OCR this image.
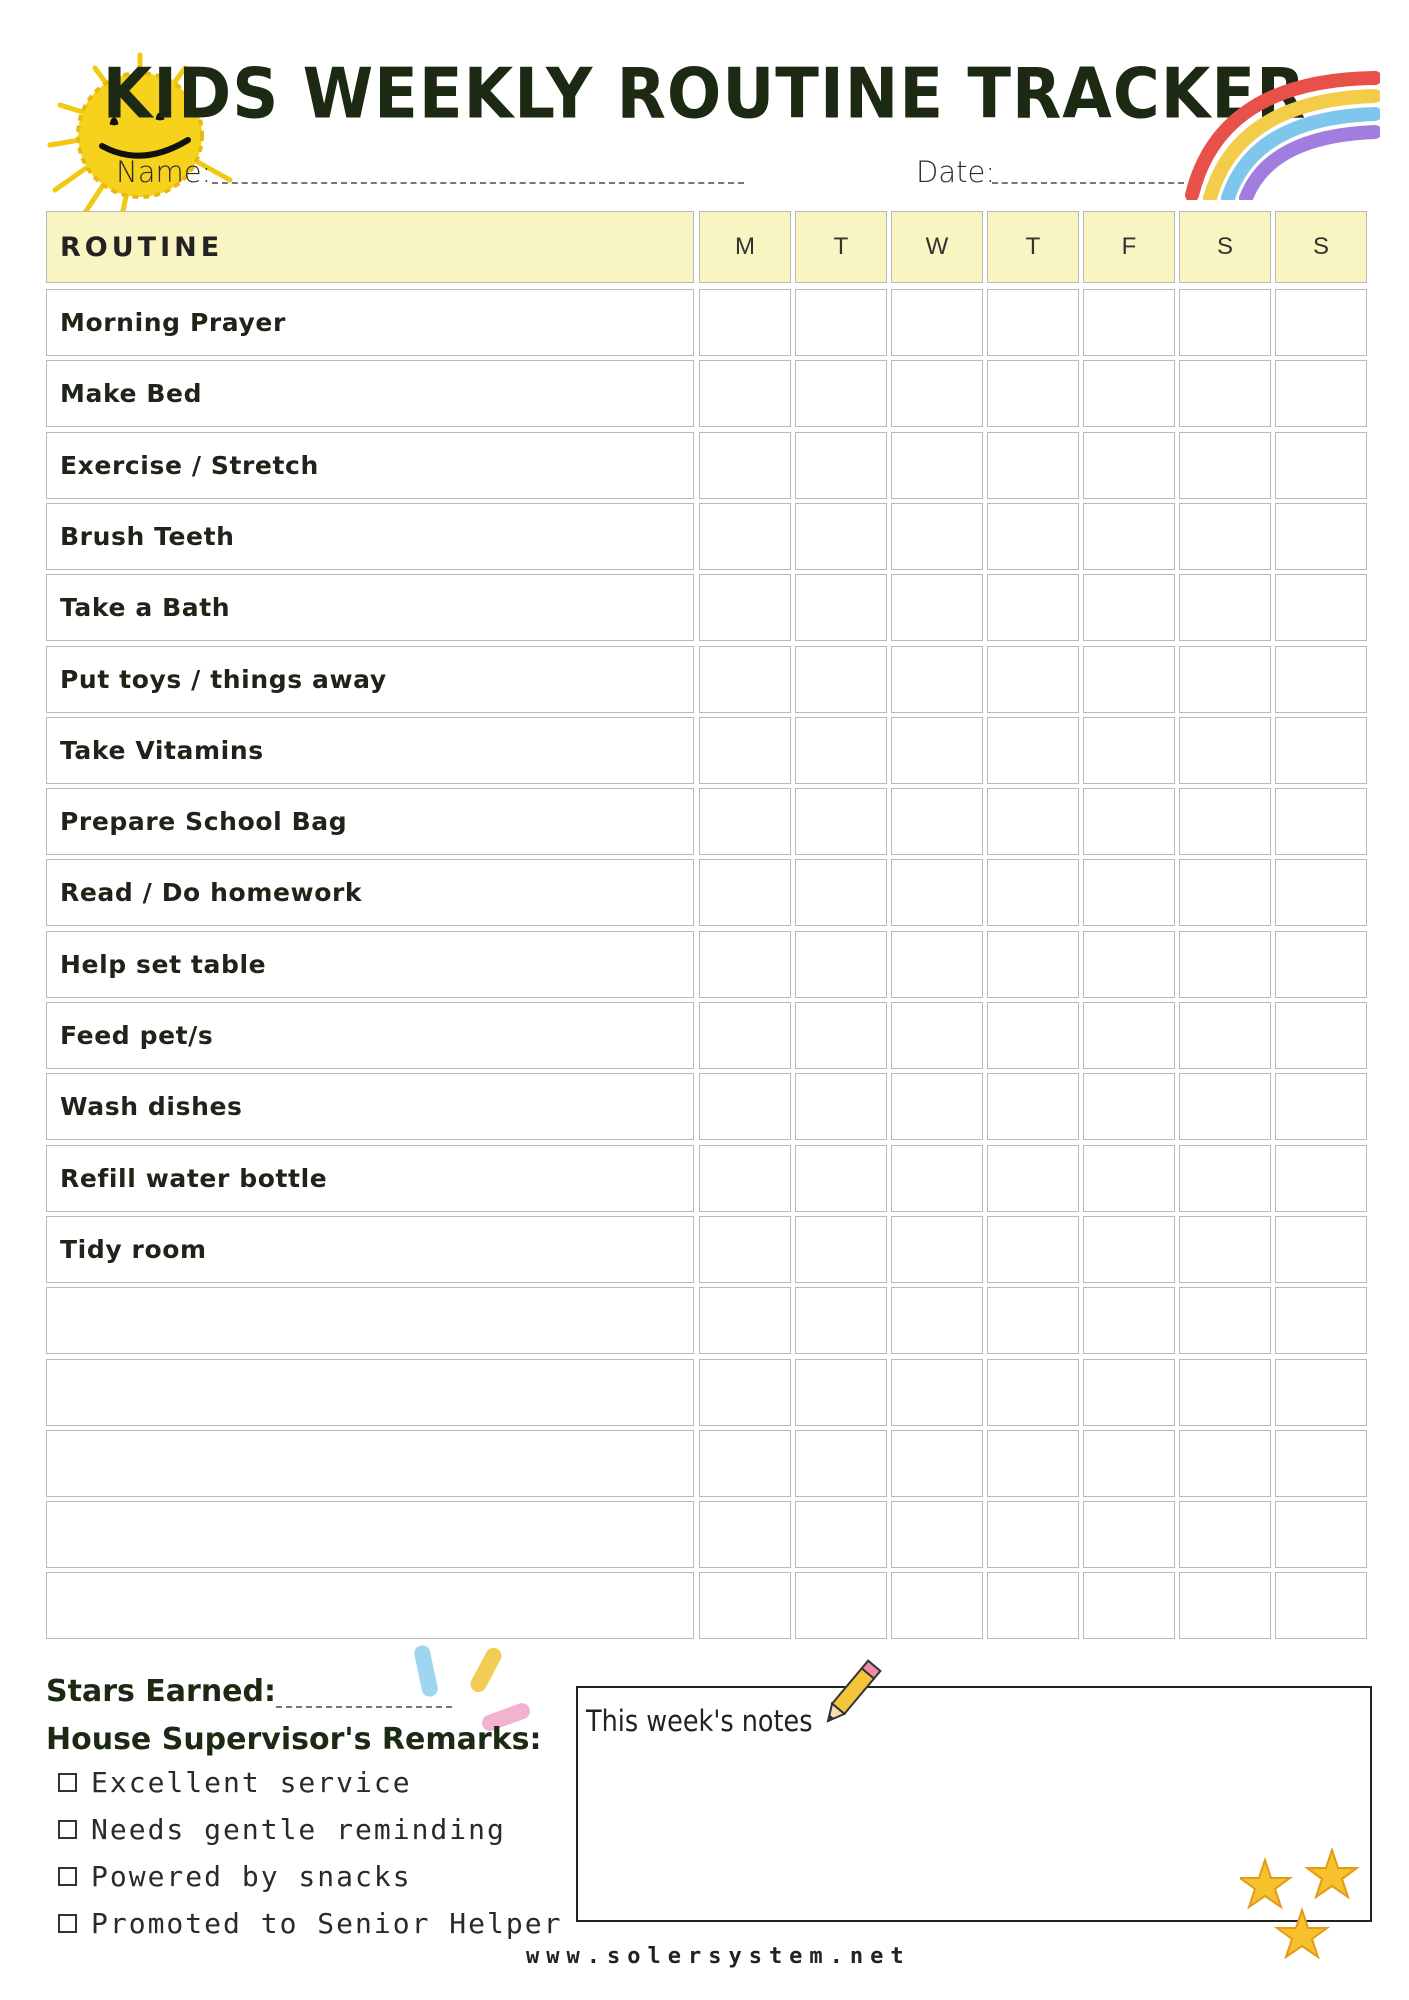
KIDS WEEKLY ROUTINE TRACKER
Name:	Date:
ROUTINE	M	T	W	T	F	S	S
Morning Prayer
Make Bed
Exercise / Stretch
Brush Teeth
Take a Bath
Put toys / things away
Take Vitamins
Prepare School Bag
Read / Do homework
Help set table
Feed pet/s
Wash dishes
Refill water bottle
Tidy room
Stars Earned:
House Supervisor's Remarks:
Excellent service
Needs gentle reminding
Powered by snacks
Promoted to Senior Helper
This week's notes
www.solersystem.net
